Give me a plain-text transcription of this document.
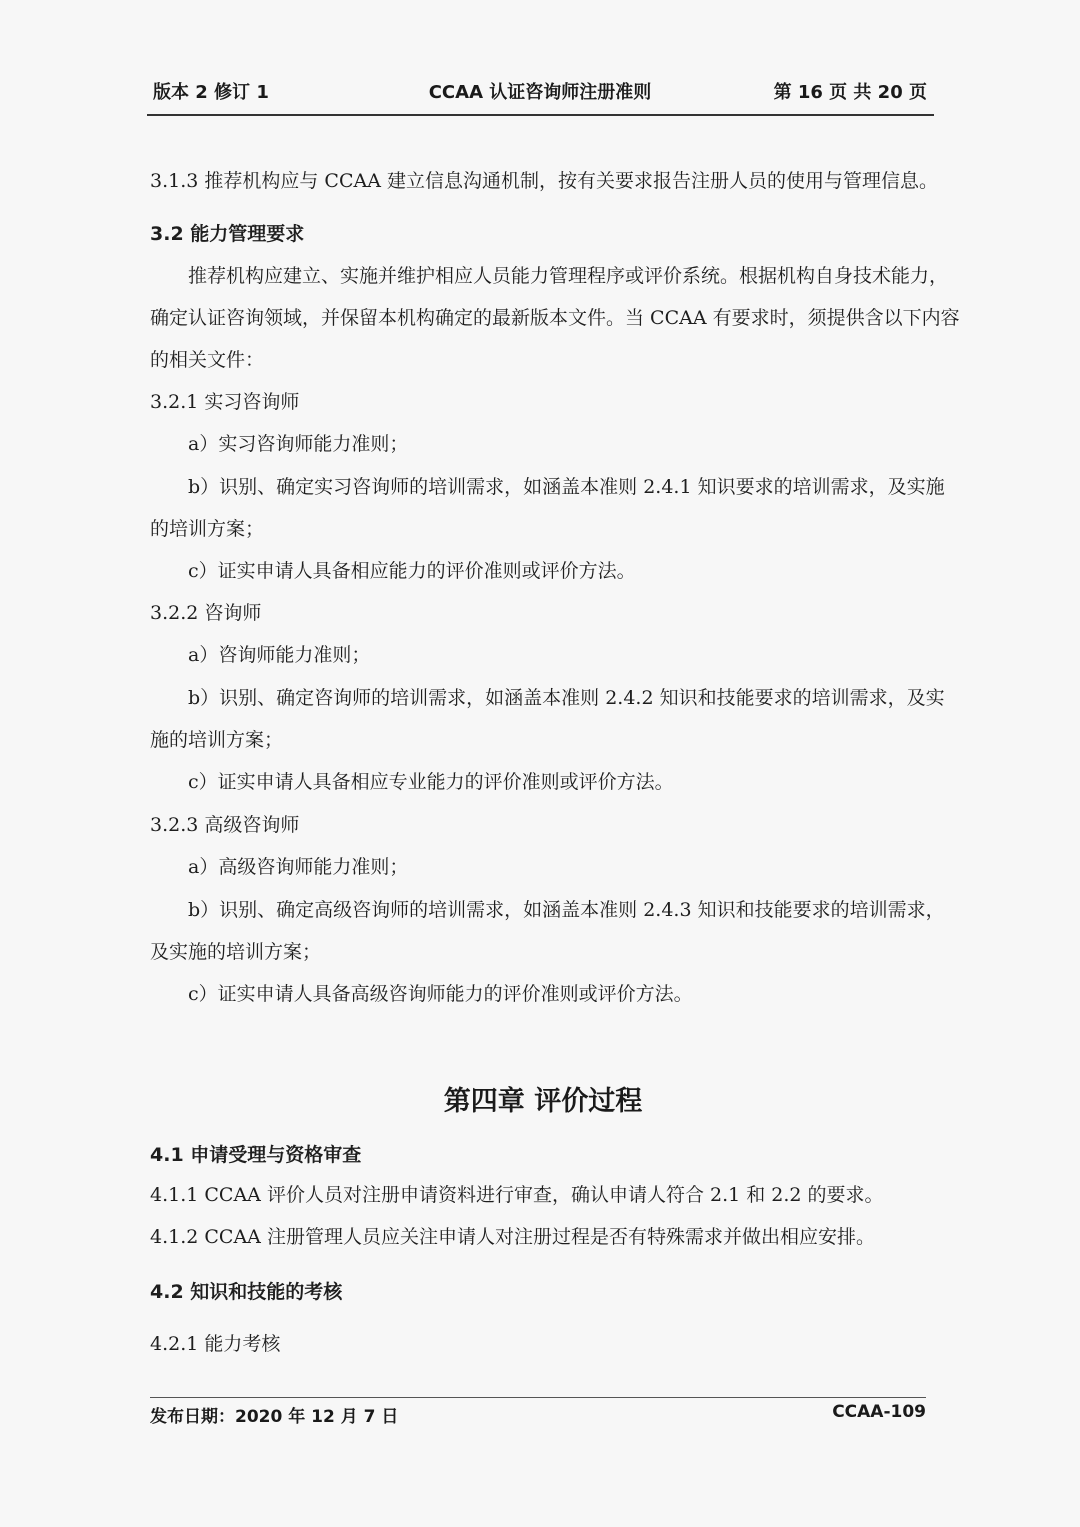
版本 2 修订 1	CCAA 认证咨询师注册准则	第 16 页 共 20 页
3.1.3 推荐机构应与 CCAA 建立信息沟通机制，按有关要求报告注册人员的使用与管理信息。
3.2 能力管理要求
推荐机构应建立、实施并维护相应人员能力管理程序或评价系统。根据机构自身技术能力，
确定认证咨询领域，并保留本机构确定的最新版本文件。当 CCAA 有要求时，须提供含以下内容
的相关文件：
3.2.1 实习咨询师
a）实习咨询师能力准则；
b）识别、确定实习咨询师的培训需求，如涵盖本准则 2.4.1 知识要求的培训需求，及实施
的培训方案；
c）证实申请人具备相应能力的评价准则或评价方法。
3.2.2 咨询师
a）咨询师能力准则；
b）识别、确定咨询师的培训需求，如涵盖本准则 2.4.2 知识和技能要求的培训需求，及实
施的培训方案；
c）证实申请人具备相应专业能力的评价准则或评价方法。
3.2.3 高级咨询师
a）高级咨询师能力准则；
b）识别、确定高级咨询师的培训需求，如涵盖本准则 2.4.3 知识和技能要求的培训需求，
及实施的培训方案；
c）证实申请人具备高级咨询师能力的评价准则或评价方法。
第四章 评价过程
4.1 申请受理与资格审查
4.1.1 CCAA 评价人员对注册申请资料进行审查，确认申请人符合 2.1 和 2.2 的要求。
4.1.2 CCAA 注册管理人员应关注申请人对注册过程是否有特殊需求并做出相应安排。
4.2 知识和技能的考核
4.2.1 能力考核
发布日期：2020 年 12 月 7 日	CCAA-109
